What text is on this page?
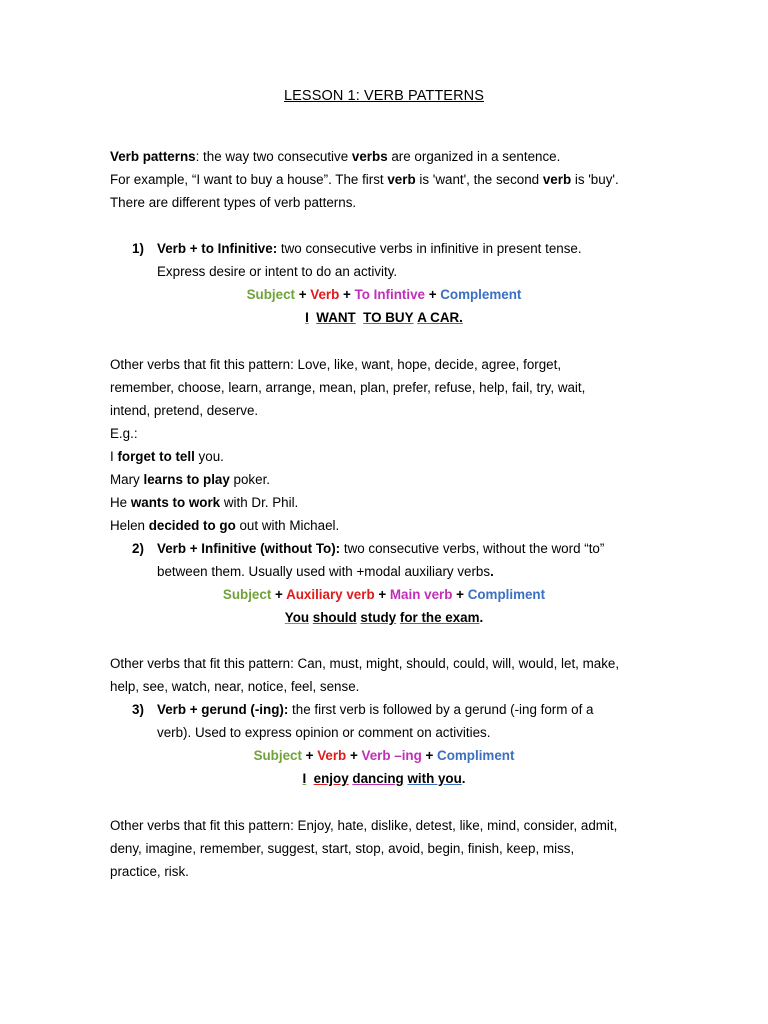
LESSON 1: VERB PATTERNS
Verb patterns: the way two consecutive verbs are organized in a sentence.
For example, “I want to buy a house”. The first verb is 'want', the second verb is 'buy'.
There are different types of verb patterns.
1) Verb + to Infinitive: two consecutive verbs in infinitive in present tense.
Express desire or intent to do an activity.
Subject + Verb + To Infintive + Complement
I WANT TO BUY A CAR.
Other verbs that fit this pattern: Love, like, want, hope, decide, agree, forget,
remember, choose, learn, arrange, mean, plan, prefer, refuse, help, fail, try, wait,
intend, pretend, deserve.
E.g.:
I forget to tell you.
Mary learns to play poker.
He wants to work with Dr. Phil.
Helen decided to go out with Michael.
2) Verb + Infinitive (without To): two consecutive verbs, without the word “to”
between them. Usually used with +modal auxiliary verbs.
Subject + Auxiliary verb + Main verb + Compliment
You should study for the exam.
Other verbs that fit this pattern: Can, must, might, should, could, will, would, let, make,
help, see, watch, near, notice, feel, sense.
3) Verb + gerund (-ing): the first verb is followed by a gerund (-ing form of a
verb). Used to express opinion or comment on activities.
Subject + Verb + Verb –ing + Compliment
I enjoy dancing with you.
Other verbs that fit this pattern: Enjoy, hate, dislike, detest, like, mind, consider, admit,
deny, imagine, remember, suggest, start, stop, avoid, begin, finish, keep, miss,
practice, risk.
